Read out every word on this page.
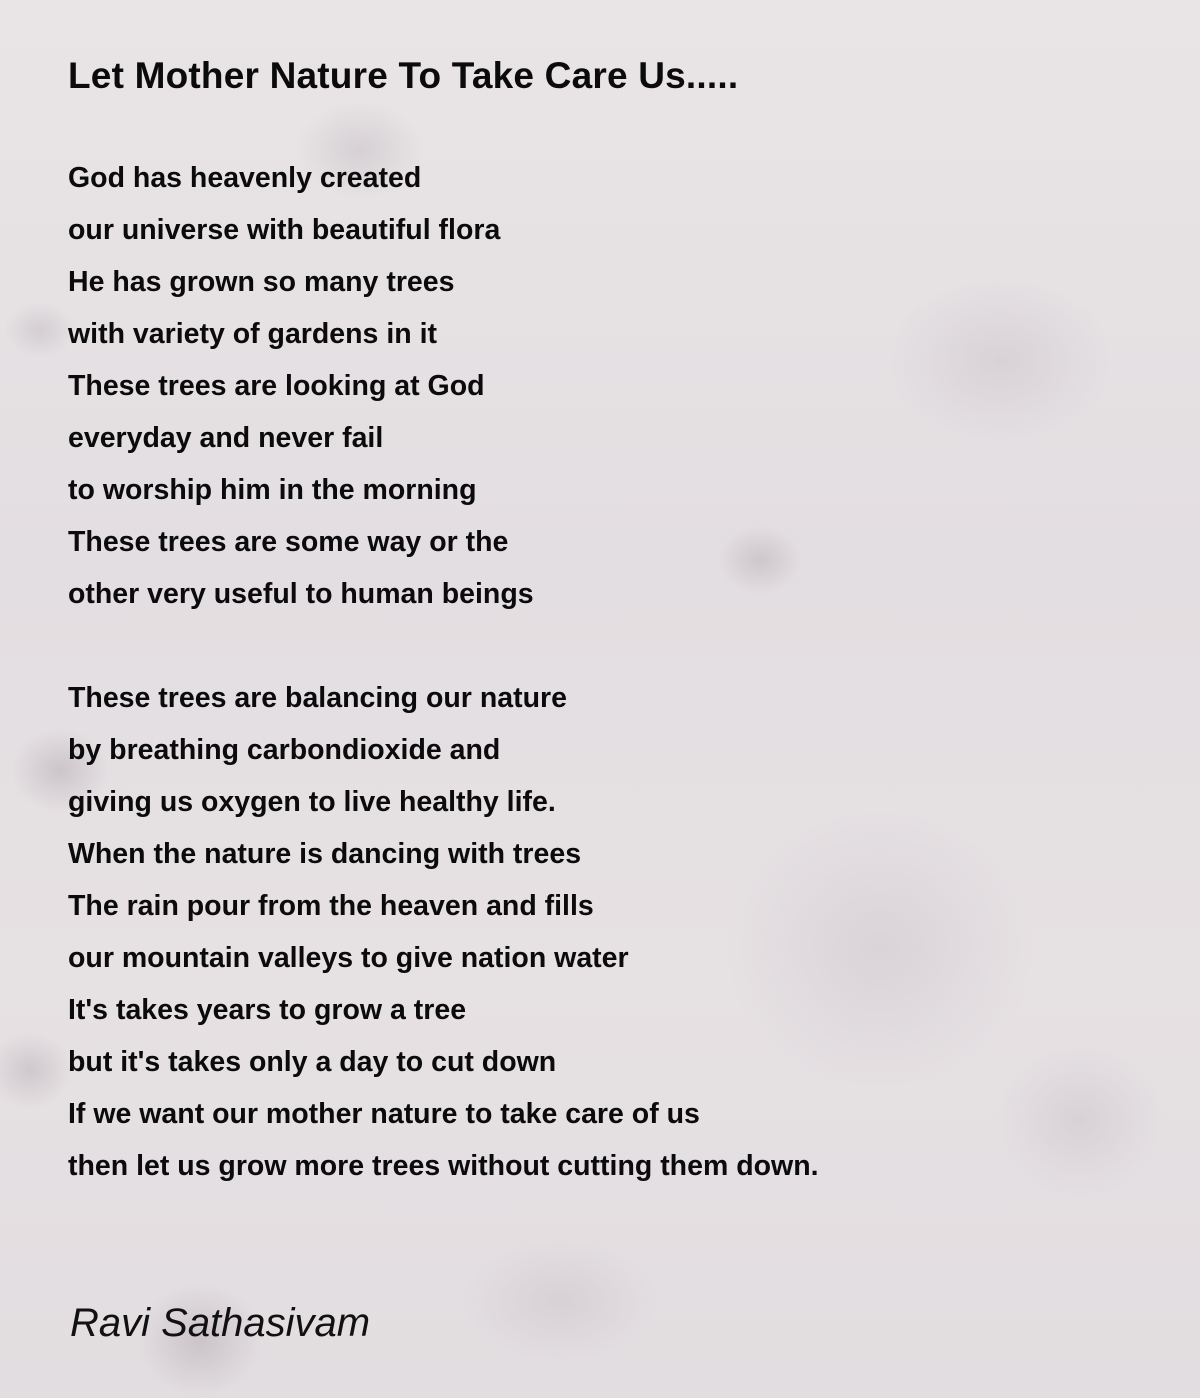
Let Mother Nature To Take Care Us.....
God has heavenly created
our universe with beautiful flora
He has grown so many trees
with variety of gardens in it
These trees are looking at God
everyday and never fail
to worship him in the morning
These trees are some way or the
other very useful to human beings
These trees are balancing our nature
by breathing carbondioxide and
giving us oxygen to live healthy life.
When the nature is dancing with trees
The rain pour from the heaven and fills
our mountain valleys to give nation water
It's takes years to grow a tree
but it's takes only a day to cut down
If we want our mother nature to take care of us
then let us grow more trees without cutting them down.

Ravi Sathasivam
